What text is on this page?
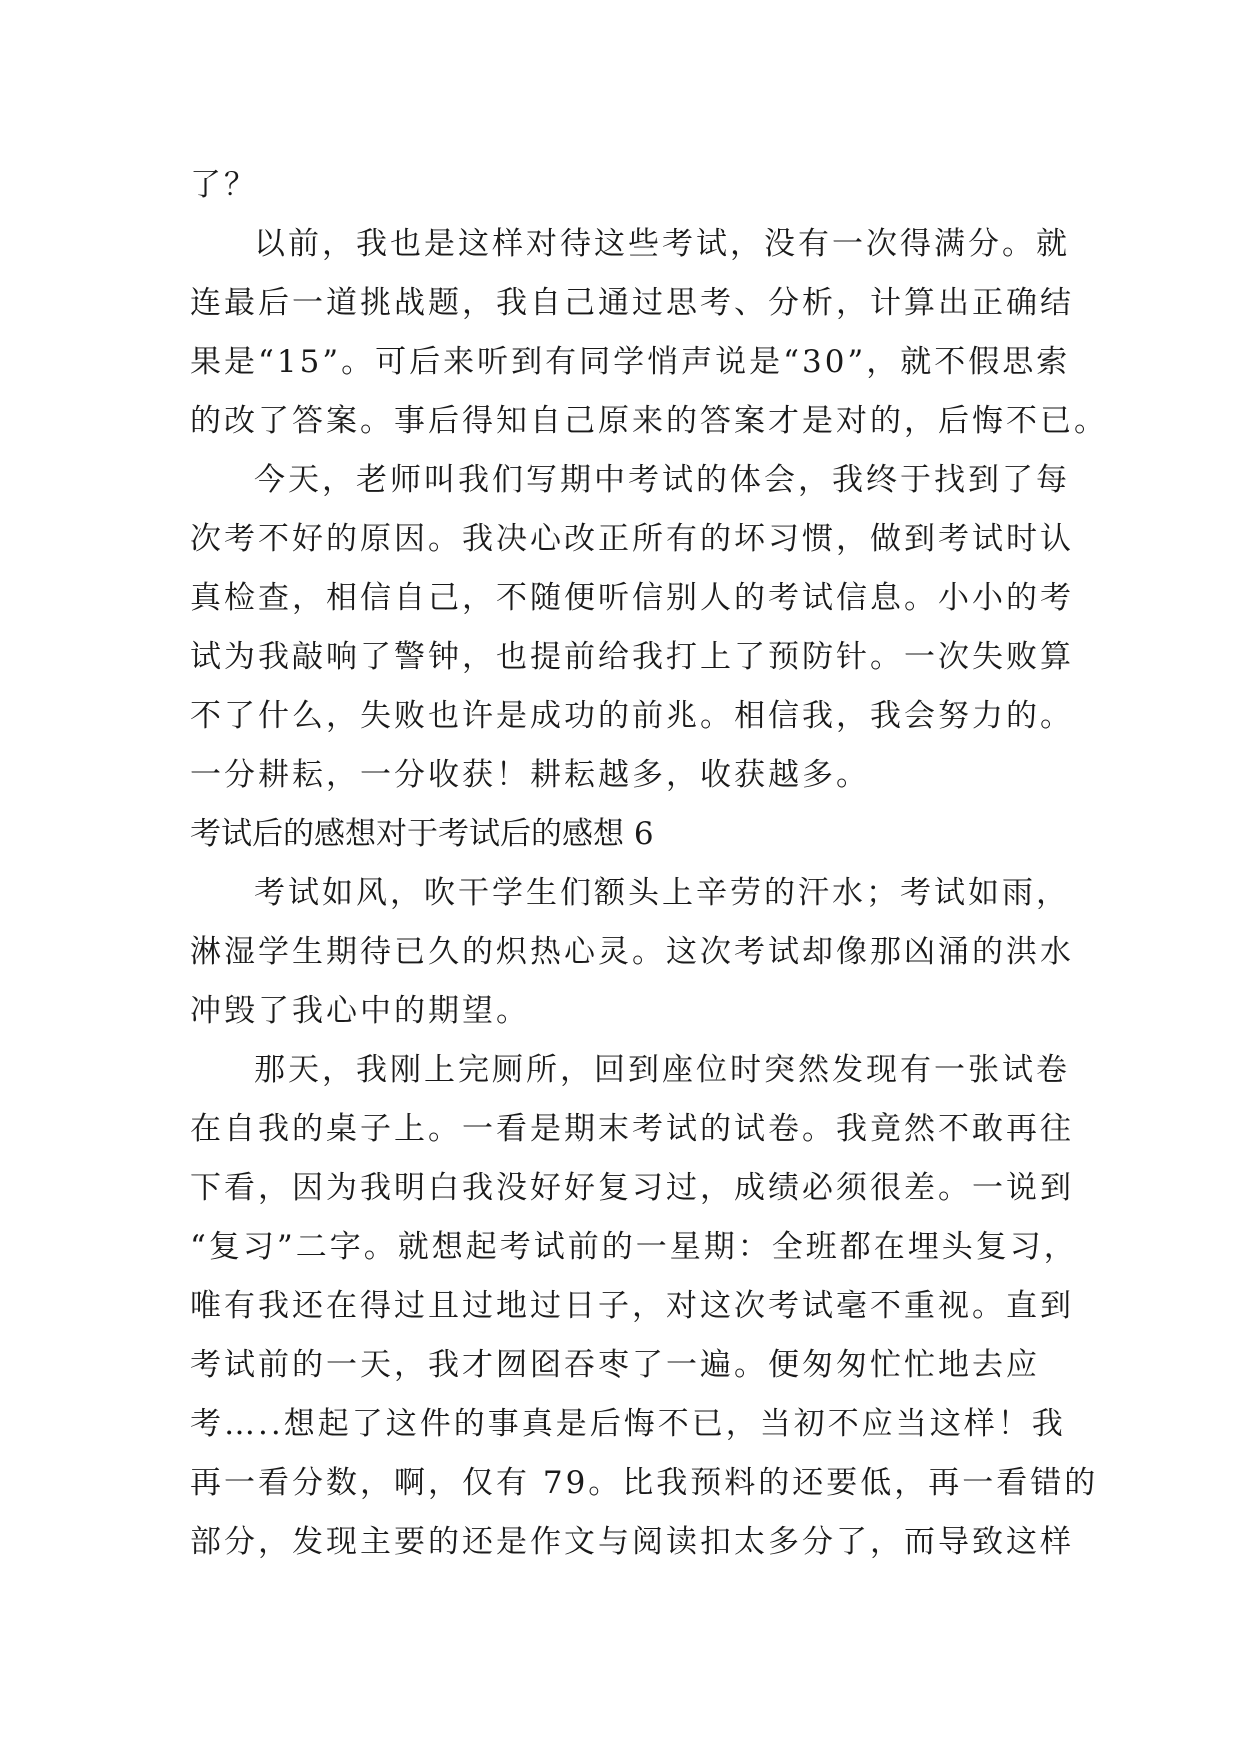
了？
以前，我也是这样对待这些考试，没有一次得满分。就
连最后一道挑战题，我自己通过思考、分析，计算出正确结
果是“15”。可后来听到有同学悄声说是“30”，就不假思索
的改了答案。事后得知自己原来的答案才是对的，后悔不已。
今天，老师叫我们写期中考试的体会，我终于找到了每
次考不好的原因。我决心改正所有的坏习惯，做到考试时认
真检查，相信自己，不随便听信别人的考试信息。小小的考
试为我敲响了警钟，也提前给我打上了预防针。一次失败算
不了什么，失败也许是成功的前兆。相信我，我会努力的。
一分耕耘，一分收获！耕耘越多，收获越多。
考试后的感想对于考试后的感想 6
考试如风，吹干学生们额头上辛劳的汗水；考试如雨，
淋湿学生期待已久的炽热心灵。这次考试却像那凶涌的洪水
冲毁了我心中的期望。
那天，我刚上完厕所，回到座位时突然发现有一张试卷
在自我的桌子上。一看是期末考试的试卷。我竟然不敢再往
下看，因为我明白我没好好复习过，成绩必须很差。一说到
“复习”二字。就想起考试前的一星期：全班都在埋头复习，
唯有我还在得过且过地过日子，对这次考试毫不重视。直到
考试前的一天，我才囫囵吞枣了一遍。便匆匆忙忙地去应
考…..想起了这件的事真是后悔不已，当初不应当这样！我
再一看分数，啊，仅有 79。比我预料的还要低，再一看错的
部分，发现主要的还是作文与阅读扣太多分了，而导致这样
